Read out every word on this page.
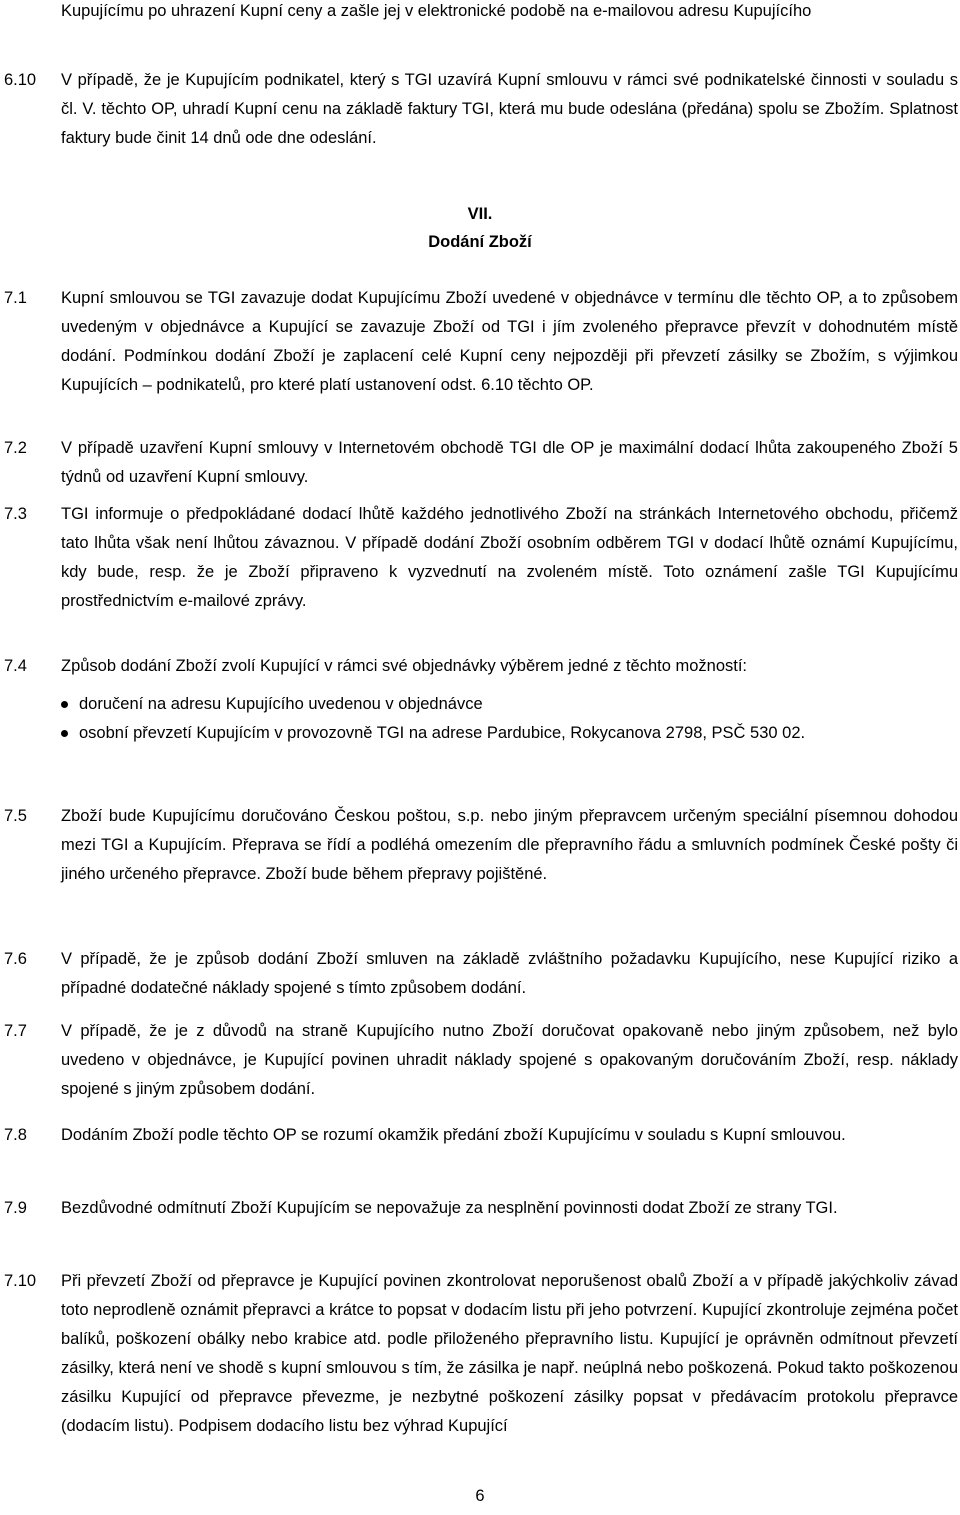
Kupujícímu po uhrazení Kupní ceny a zašle jej v elektronické podobě na e-mailovou adresu Kupujícího
6.10 V případě, že je Kupujícím podnikatel, který s TGI uzavírá Kupní smlouvu v rámci své podnikatelské činnosti v souladu s čl. V. těchto OP, uhradí Kupní cenu na základě faktury TGI, která mu bude odeslána (předána) spolu se Zbožím. Splatnost faktury bude činit 14 dnů ode dne odeslání.
VII.
Dodání Zboží
7.1 Kupní smlouvou se TGI zavazuje dodat Kupujícímu Zboží uvedené v objednávce v termínu dle těchto OP, a to způsobem uvedeným v objednávce a Kupující se zavazuje Zboží od TGI i jím zvoleného přepravce převzít v dohodnutém místě dodání. Podmínkou dodání Zboží je zaplacení celé Kupní ceny nejpozději při převzetí zásilky se Zbožím, s výjimkou Kupujících – podnikatelů, pro které platí ustanovení odst. 6.10 těchto OP.
7.2 V případě uzavření Kupní smlouvy v Internetovém obchodě TGI dle OP je maximální dodací lhůta zakoupeného Zboží 5 týdnů od uzavření Kupní smlouvy.
7.3 TGI informuje o předpokládané dodací lhůtě každého jednotlivého Zboží na stránkách Internetového obchodu, přičemž tato lhůta však není lhůtou závaznou. V případě dodání Zboží osobním odběrem TGI v dodací lhůtě oznámí Kupujícímu, kdy bude, resp. že je Zboží připraveno k vyzvednutí na zvoleném místě. Toto oznámení zašle TGI Kupujícímu prostřednictvím e-mailové zprávy.
7.4 Způsob dodání Zboží zvolí Kupující v rámci své objednávky výběrem jedné z těchto možností:
doručení na adresu Kupujícího uvedenou v objednávce
osobní převzetí Kupujícím v provozovně TGI na adrese Pardubice, Rokycanova 2798, PSČ 530 02.
7.5 Zboží bude Kupujícímu doručováno Českou poštou, s.p. nebo jiným přepravcem určeným speciální písemnou dohodou mezi TGI a Kupujícím. Přeprava se řídí a podléhá omezením dle přepravního řádu a smluvních podmínek České pošty či jiného určeného přepravce. Zboží bude během přepravy pojištěné.
7.6 V případě, že je způsob dodání Zboží smluven na základě zvláštního požadavku Kupujícího, nese Kupující riziko a případné dodatečné náklady spojené s tímto způsobem dodání.
7.7 V případě, že je z důvodů na straně Kupujícího nutno Zboží doručovat opakovaně nebo jiným způsobem, než bylo uvedeno v objednávce, je Kupující povinen uhradit náklady spojené s opakovaným doručováním Zboží, resp. náklady spojené s jiným způsobem dodání.
7.8 Dodáním Zboží podle těchto OP se rozumí okamžik předání zboží Kupujícímu v souladu s Kupní smlouvou.
7.9 Bezdůvodné odmítnutí Zboží Kupujícím se nepovažuje za nesplnění povinnosti dodat Zboží ze strany TGI.
7.10 Při převzetí Zboží od přepravce je Kupující povinen zkontrolovat neporušenost obalů Zboží a v případě jakýchkoliv závad toto neprodleně oznámit přepravci a krátce to popsat v dodacím listu při jeho potvrzení. Kupující zkontroluje zejména počet balíků, poškození obálky nebo krabice atd. podle přiloženého přepravního listu. Kupující je oprávněn odmítnout převzetí zásilky, která není ve shodě s kupní smlouvou s tím, že zásilka je např. neúplná nebo poškozená. Pokud takto poškozenou zásilku Kupující od přepravce převezme, je nezbytné poškození zásilky popsat v předávacím protokolu přepravce (dodacím listu). Podpisem dodacího listu bez výhrad Kupující
6
